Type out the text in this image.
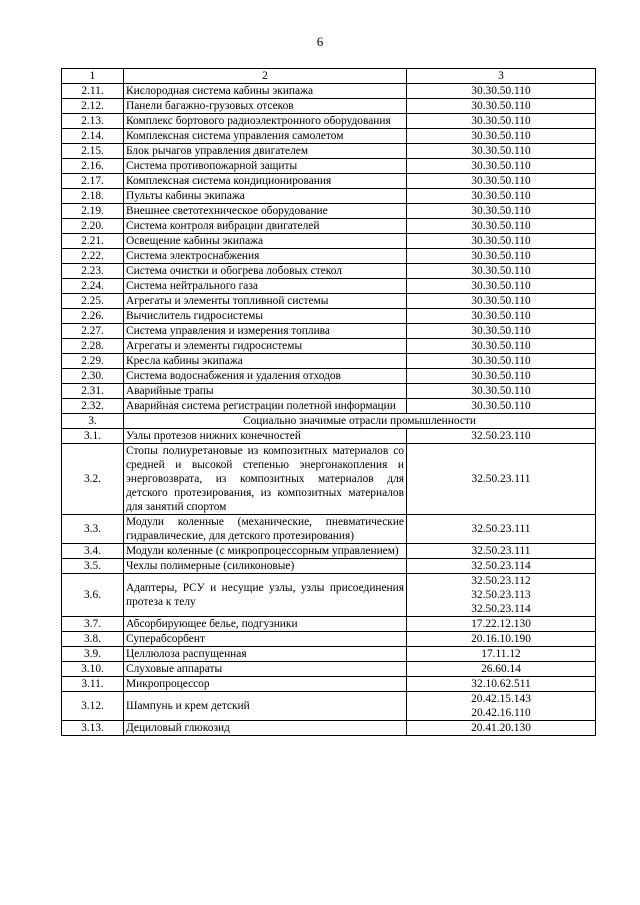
6
1	2	3
2.11.	Кислородная система кабины экипажа	30.30.50.110

2.12.	Панели багажно-грузовых отсеков	30.30.50.110

2.13.	Комплекс бортового радиоэлектронного оборудования	30.30.50.110

2.14.	Комплексная система управления самолетом	30.30.50.110

2.15.	Блок рычагов управления двигателем	30.30.50.110

2.16.	Система противопожарной защиты	30.30.50.110

2.17.	Комплексная система кондиционирования	30.30.50.110

2.18.	Пульты кабины экипажа	30.30.50.110

2.19.	Внешнее светотехническое оборудование	30.30.50.110

2.20.	Система контроля вибрации двигателей	30.30.50.110

2.21.	Освещение кабины экипажа	30.30.50.110

2.22.	Система электроснабжения	30.30.50.110

2.23.	Система очистки и обогрева лобовых стекол	30.30.50.110

2.24.	Система нейтрального газа	30.30.50.110

2.25.	Агрегаты и элементы топливной системы	30.30.50.110

2.26.	Вычислитель гидросистемы	30.30.50.110

2.27.	Система управления и измерения топлива	30.30.50.110

2.28.	Агрегаты и элементы гидросистемы	30.30.50.110

2.29.	Кресла кабины экипажа	30.30.50.110

2.30.	Система водоснабжения и удаления отходов	30.30.50.110

2.31.	Аварийные трапы	30.30.50.110

2.32.	Аварийная система регистрации полетной информации	30.30.50.110

3.	Социально значимые отрасли промышленности	
3.1.	Узлы протезов нижних конечностей	32.50.23.110

3.2.	Стопы полиуретановые из композитных материалов со средней и высокой степенью энергонакопления и энерговозврата, из композитных материалов для детского протезирования, из композитных материалов для занятий спортом	32.50.23.111

3.3.	Модули коленные (механические, пневматические гидравлические, для детского протезирования)	32.50.23.111

3.4.	Модули коленные (с микропроцессорным управлением)	32.50.23.111

3.5.	Чехлы полимерные (силиконовые)	32.50.23.114

3.6.	Адаптеры, РСУ и несущие узлы, узлы присоединения протеза к телу	32.50.23.112
32.50.23.113
32.50.23.114

3.7.	Абсорбирующее белье, подгузники	17.22.12.130

3.8.	Суперабсорбент	20.16.10.190

3.9.	Целлюлоза распущенная	17.11.12

3.10.	Слуховые аппараты	26.60.14

3.11.	Микропроцессор	32.10.62.511

3.12.	Шампунь и крем детский	20.42.15.143
20.42.16.110

3.13.	Дециловый глюкозид	20.41.20.130
